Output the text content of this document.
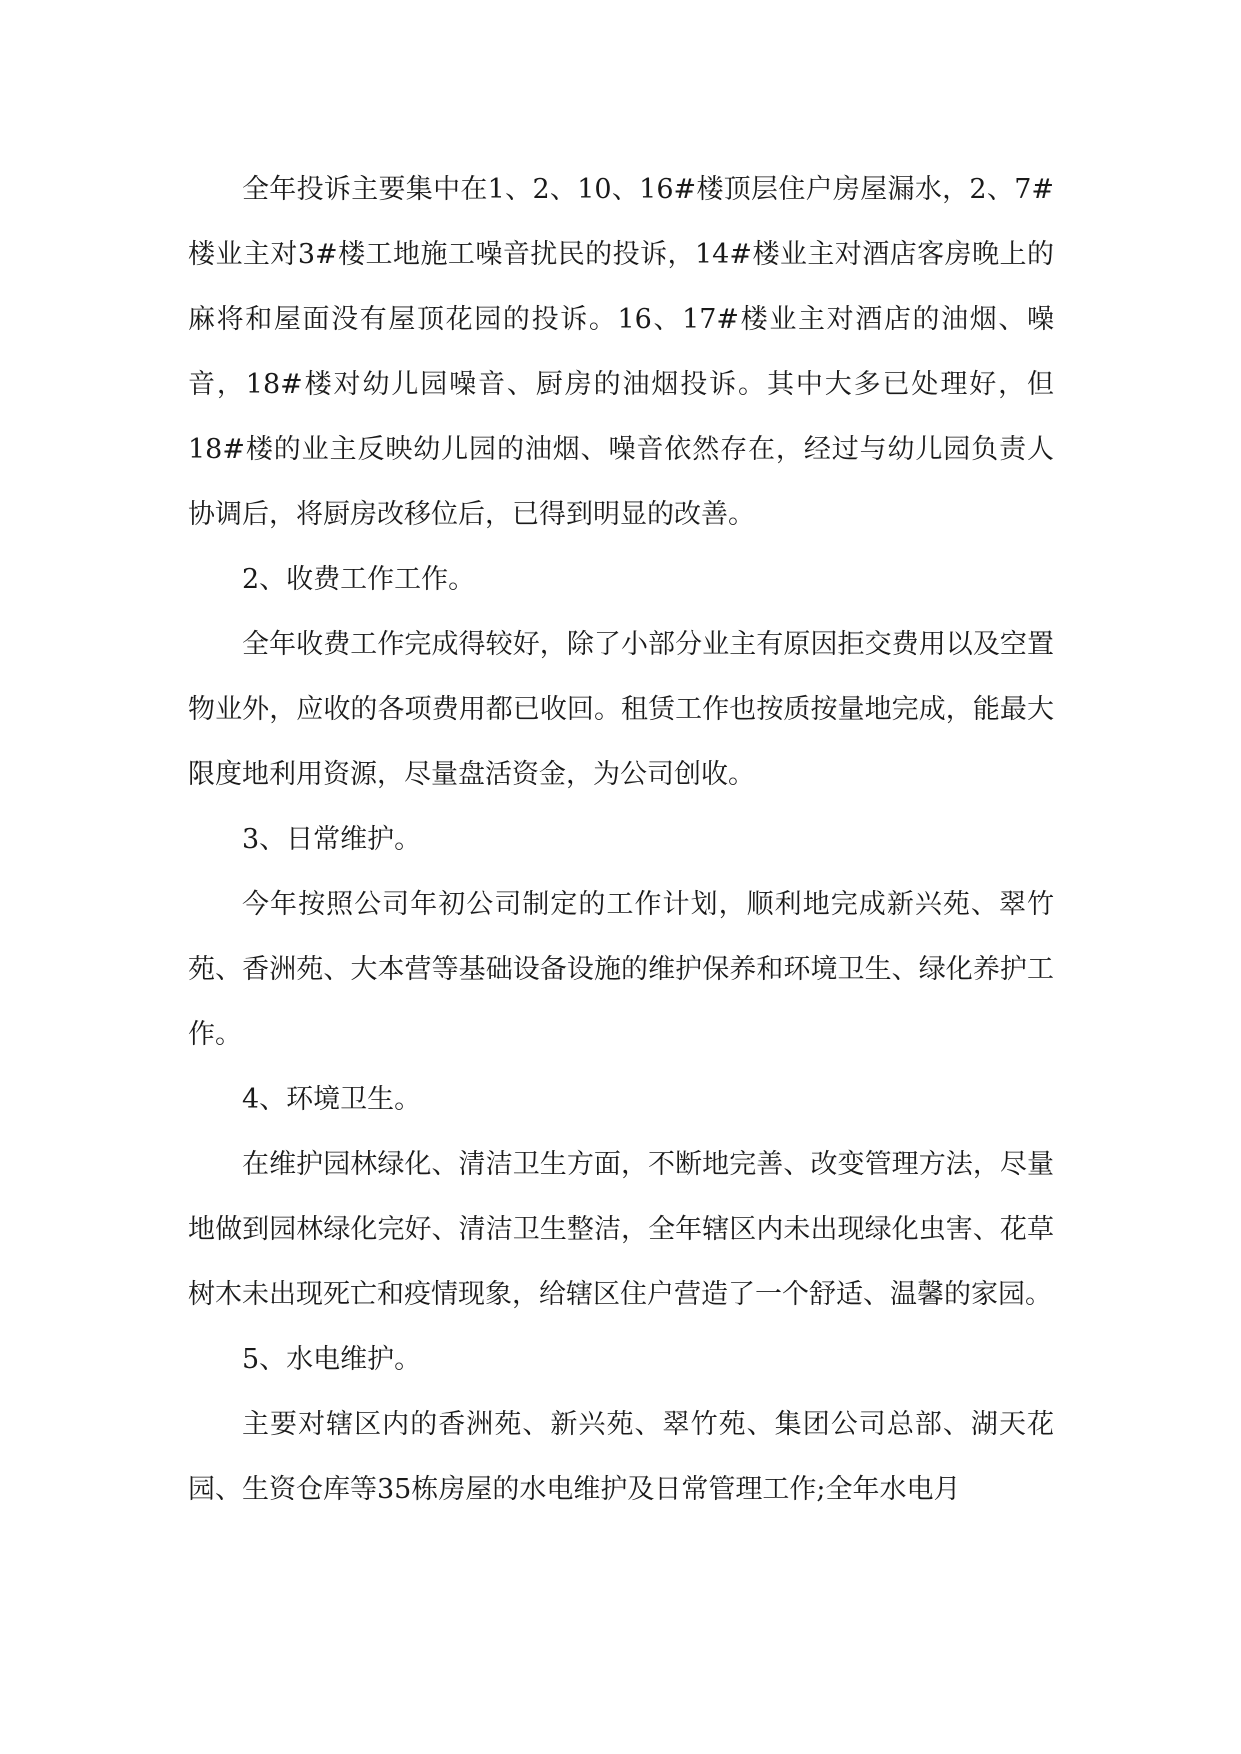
全年投诉主要集中在1、2、10、16#楼顶层住户房屋漏水，2、7#楼业主对3#楼工地施工噪音扰民的投诉，14#楼业主对酒店客房晚上的麻将和屋面没有屋顶花园的投诉。16、17#楼业主对酒店的油烟、噪音，18#楼对幼儿园噪音、厨房的油烟投诉。其中大多已处理好，但18#楼的业主反映幼儿园的油烟、噪音依然存在，经过与幼儿园负责人协调后，将厨房改移位后，已得到明显的改善。

2、收费工作工作。

全年收费工作完成得较好，除了小部分业主有原因拒交费用以及空置物业外，应收的各项费用都已收回。租赁工作也按质按量地完成，能最大限度地利用资源，尽量盘活资金，为公司创收。

3、日常维护。

今年按照公司年初公司制定的工作计划，顺利地完成新兴苑、翠竹苑、香洲苑、大本营等基础设备设施的维护保养和环境卫生、绿化养护工作。

4、环境卫生。

在维护园林绿化、清洁卫生方面，不断地完善、改变管理方法，尽量地做到园林绿化完好、清洁卫生整洁，全年辖区内未出现绿化虫害、花草树木未出现死亡和疫情现象，给辖区住户营造了一个舒适、温馨的家园。

5、水电维护。

主要对辖区内的香洲苑、新兴苑、翠竹苑、集团公司总部、湖天花园、生资仓库等35栋房屋的水电维护及日常管理工作;全年水电月
